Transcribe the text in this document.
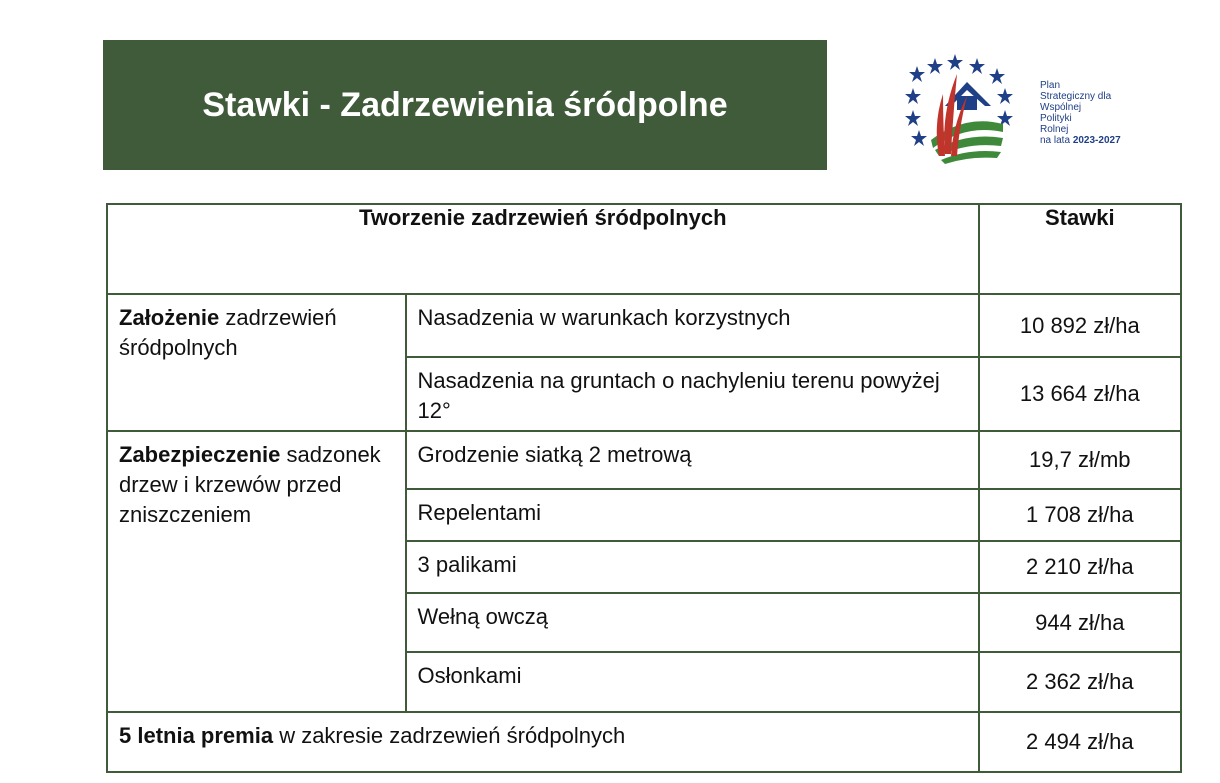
Stawki - Zadrzewienia śródpolne	Plan
Strategiczny dla
Wspólnej
Polityki
Rolnej
na lata 2023-2027
Tworzenie zadrzewień śródpolnych		Stawki

Założenie zadrzewień śródpolnych	Nasadzenia w warunkach korzystnych	10 892 zł/ha

	Nasadzenia na gruntach o nachyleniu terenu powyżej 12°	13 664 zł/ha

Zabezpieczenie sadzonek drzew i krzewów przed zniszczeniem	Grodzenie siatką 2 metrową	19,7 zł/mb

	Repelentami	1 708 zł/ha

	3 palikami	2 210 zł/ha

	Wełną owczą	944 zł/ha

	Osłonkami	2 362 zł/ha

5 letnia premia w zakresie zadrzewień śródpolnych		2 494 zł/ha
